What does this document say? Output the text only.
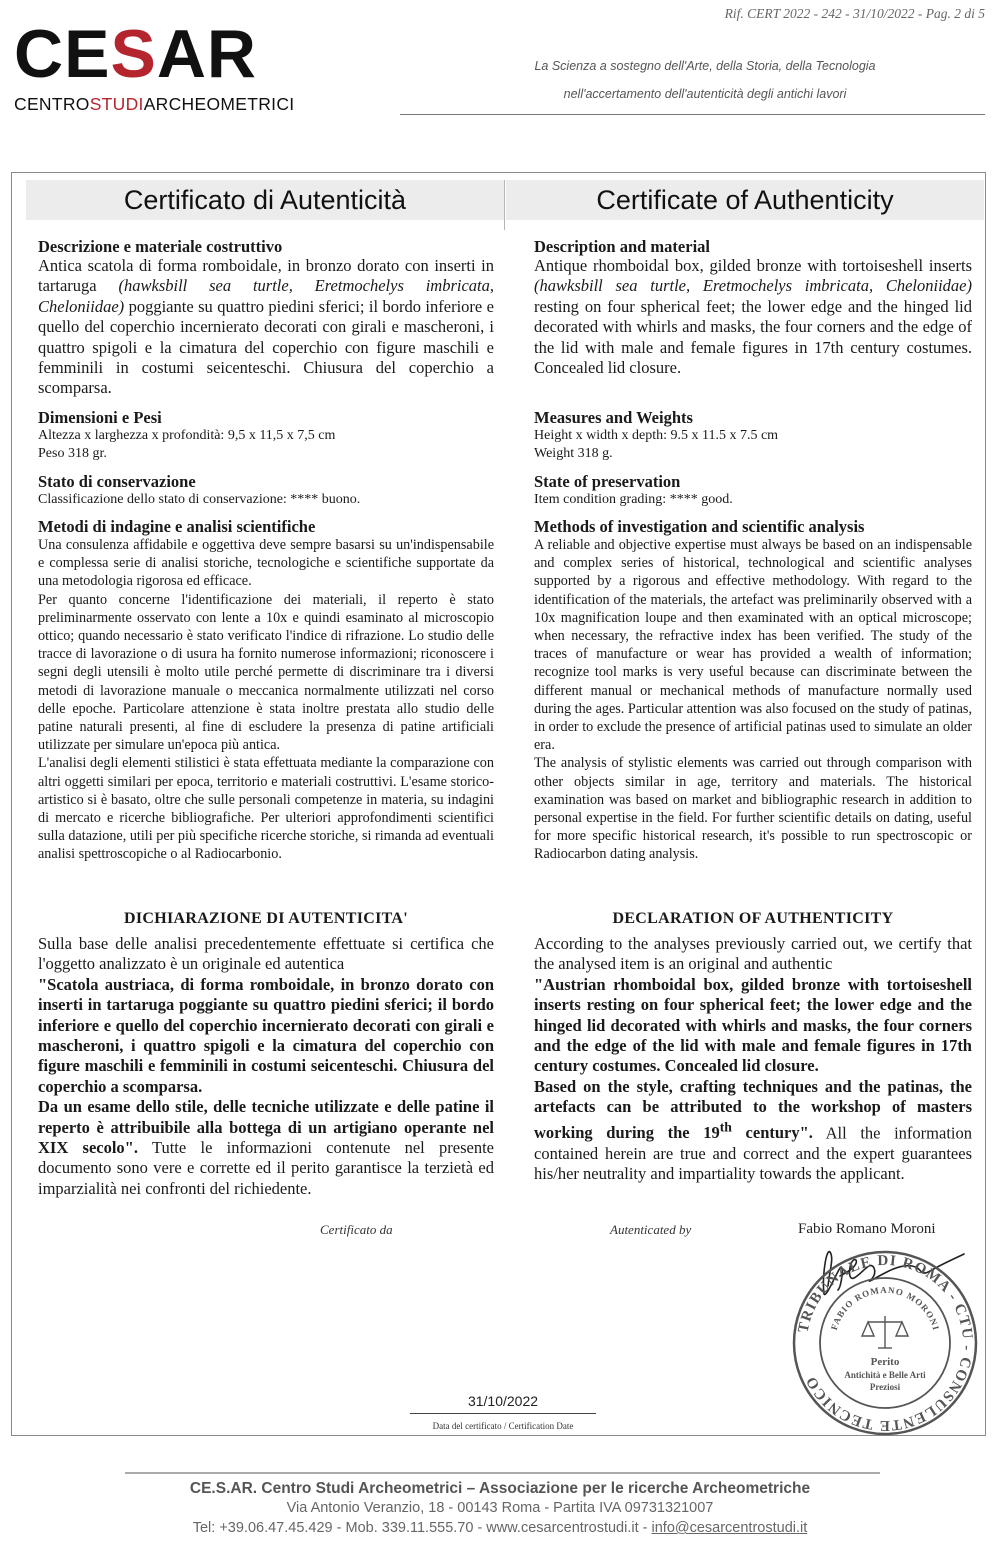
Rif. CERT 2022 - 242 - 31/10/2022 - Pag. 2 di 5
CESAR
CENTROSTUDIARCHEOMETRICI
La Scienza a sostegno dell'Arte, della Storia, della Tecnologia
nell'accertamento dell'autenticità degli antichi lavori
Certificato di Autenticità	Certificate of Authenticity

Descrizione e materiale costruttivo

Antica scatola di forma romboidale, in bronzo dorato con inserti in tartaruga (hawksbill sea turtle, Eretmochelys imbricata, Cheloniidae) poggiante su quattro piedini sferici; il bordo inferiore e quello del coperchio incernierato decorati con girali e mascheroni, i quattro spigoli e la cimatura del coperchio con figure maschili e femminili in costumi seicenteschi. Chiusura del coperchio a scomparsa.

Dimensioni e Pesi

Altezza x larghezza x profondità: 9,5 x 11,5 x 7,5 cm

Peso 318 gr.

Stato di conservazione

Classificazione dello stato di conservazione: **** buono.

Metodi di indagine e analisi scientifiche

Una consulenza affidabile e oggettiva deve sempre basarsi su un'indispensabile e complessa serie di analisi storiche, tecnologiche e scientifiche supportate da una metodologia rigorosa ed efficace.

Per quanto concerne l'identificazione dei materiali, il reperto è stato preliminarmente osservato con lente a 10x e quindi esaminato al microscopio ottico; quando necessario è stato verificato l'indice di rifrazione. Lo studio delle tracce di lavorazione o di usura ha fornito numerose informazioni; riconoscere i segni degli utensili è molto utile perché permette di discriminare tra i diversi metodi di lavorazione manuale o meccanica normalmente utilizzati nel corso delle epoche. Particolare attenzione è stata inoltre prestata allo studio delle patine naturali presenti, al fine di escludere la presenza di patine artificiali utilizzate per simulare un'epoca più antica.

L'analisi degli elementi stilistici è stata effettuata mediante la comparazione con altri oggetti similari per epoca, territorio e materiali costruttivi. L'esame storico-artistico si è basato, oltre che sulle personali competenze in materia, su indagini di mercato e ricerche bibliografiche. Per ulteriori approfondimenti scientifici sulla datazione, utili per più specifiche ricerche storiche, si rimanda ad eventuali analisi spettroscopiche o al Radiocarbonio.

DICHIARAZIONE DI AUTENTICITA'

Sulla base delle analisi precedentemente effettuate si certifica che l'oggetto analizzato è un originale ed autentica

"Scatola austriaca, di forma romboidale, in bronzo dorato con inserti in tartaruga poggiante su quattro piedini sferici; il bordo inferiore e quello del coperchio incernierato decorati con girali e mascheroni, i quattro spigoli e la cimatura del coperchio con figure maschili e femminili in costumi seicenteschi. Chiusura del coperchio a scomparsa.

Da un esame dello stile, delle tecniche utilizzate e delle patine il reperto è attribuibile alla bottega di un artigiano operante nel XIX secolo". Tutte le informazioni contenute nel presente documento sono vere e corrette ed il perito garantisce la terzietà ed imparzialità nei confronti del richiedente.

Description and material

Antique rhomboidal box, gilded bronze with tortoiseshell inserts (hawksbill sea turtle, Eretmochelys imbricata, Cheloniidae) resting on four spherical feet; the lower edge and the hinged lid decorated with whirls and masks, the four corners and the edge of the lid with male and female figures in 17th century costumes. Concealed lid closure.

Measures and Weights

Height x width x depth: 9.5 x 11.5 x 7.5 cm

Weight 318 g.

State of preservation

Item condition grading: **** good.

Methods of investigation and scientific analysis

A reliable and objective expertise must always be based on an indispensable and complex series of historical, technological and scientific analyses supported by a rigorous and effective methodology. With regard to the identification of the materials, the artefact was preliminarily observed with a 10x magnification loupe and then examinated with an optical microscope; when necessary, the refractive index has been verified. The study of the traces of manufacture or wear has provided a wealth of information; recognize tool marks is very useful because can discriminate between the different manual or mechanical methods of manufacture normally used during the ages. Particular attention was also focused on the study of patinas, in order to exclude the presence of artificial patinas used to simulate an older era.

The analysis of stylistic elements was carried out through comparison with other objects similar in age, territory and materials. The historical examination was based on market and bibliographic research in addition to personal expertise in the field. For further scientific details on dating, useful for more specific historical research, it's possible to run spectroscopic or Radiocarbon dating analysis.

DECLARATION OF AUTHENTICITY

According to the analyses previously carried out, we certify that the analysed item is an original and authentic

"Austrian rhomboidal box, gilded bronze with tortoiseshell inserts resting on four spherical feet; the lower edge and the hinged lid decorated with whirls and masks, the four corners and the edge of the lid with male and female figures in 17th century costumes. Concealed lid closure.

Based on the style, crafting techniques and the patinas, the artefacts can be attributed to the workshop of masters working during the 19th century". All the information contained herein are true and correct and the expert guarantees his/her neutrality and impartiality towards the applicant.

Certificato da	Autenticated by	Fabio Romano Moroni
TRIBUNALE DI ROMA - CTU - CONSULENTE TECNICO
FABIO ROMANO MORONI
Perito
Antichità e Belle Arti
Preziosi
31/10/2022
Data del certificato / Certification Date
CE.S.AR. Centro Studi Archeometrici – Associazione per le ricerche Archeometriche
Via Antonio Veranzio, 18 - 00143 Roma - Partita IVA 09731321007
Tel: +39.06.47.45.429 - Mob. 339.11.555.70 - www.cesarcentrostudi.it - info@cesarcentrostudi.it
